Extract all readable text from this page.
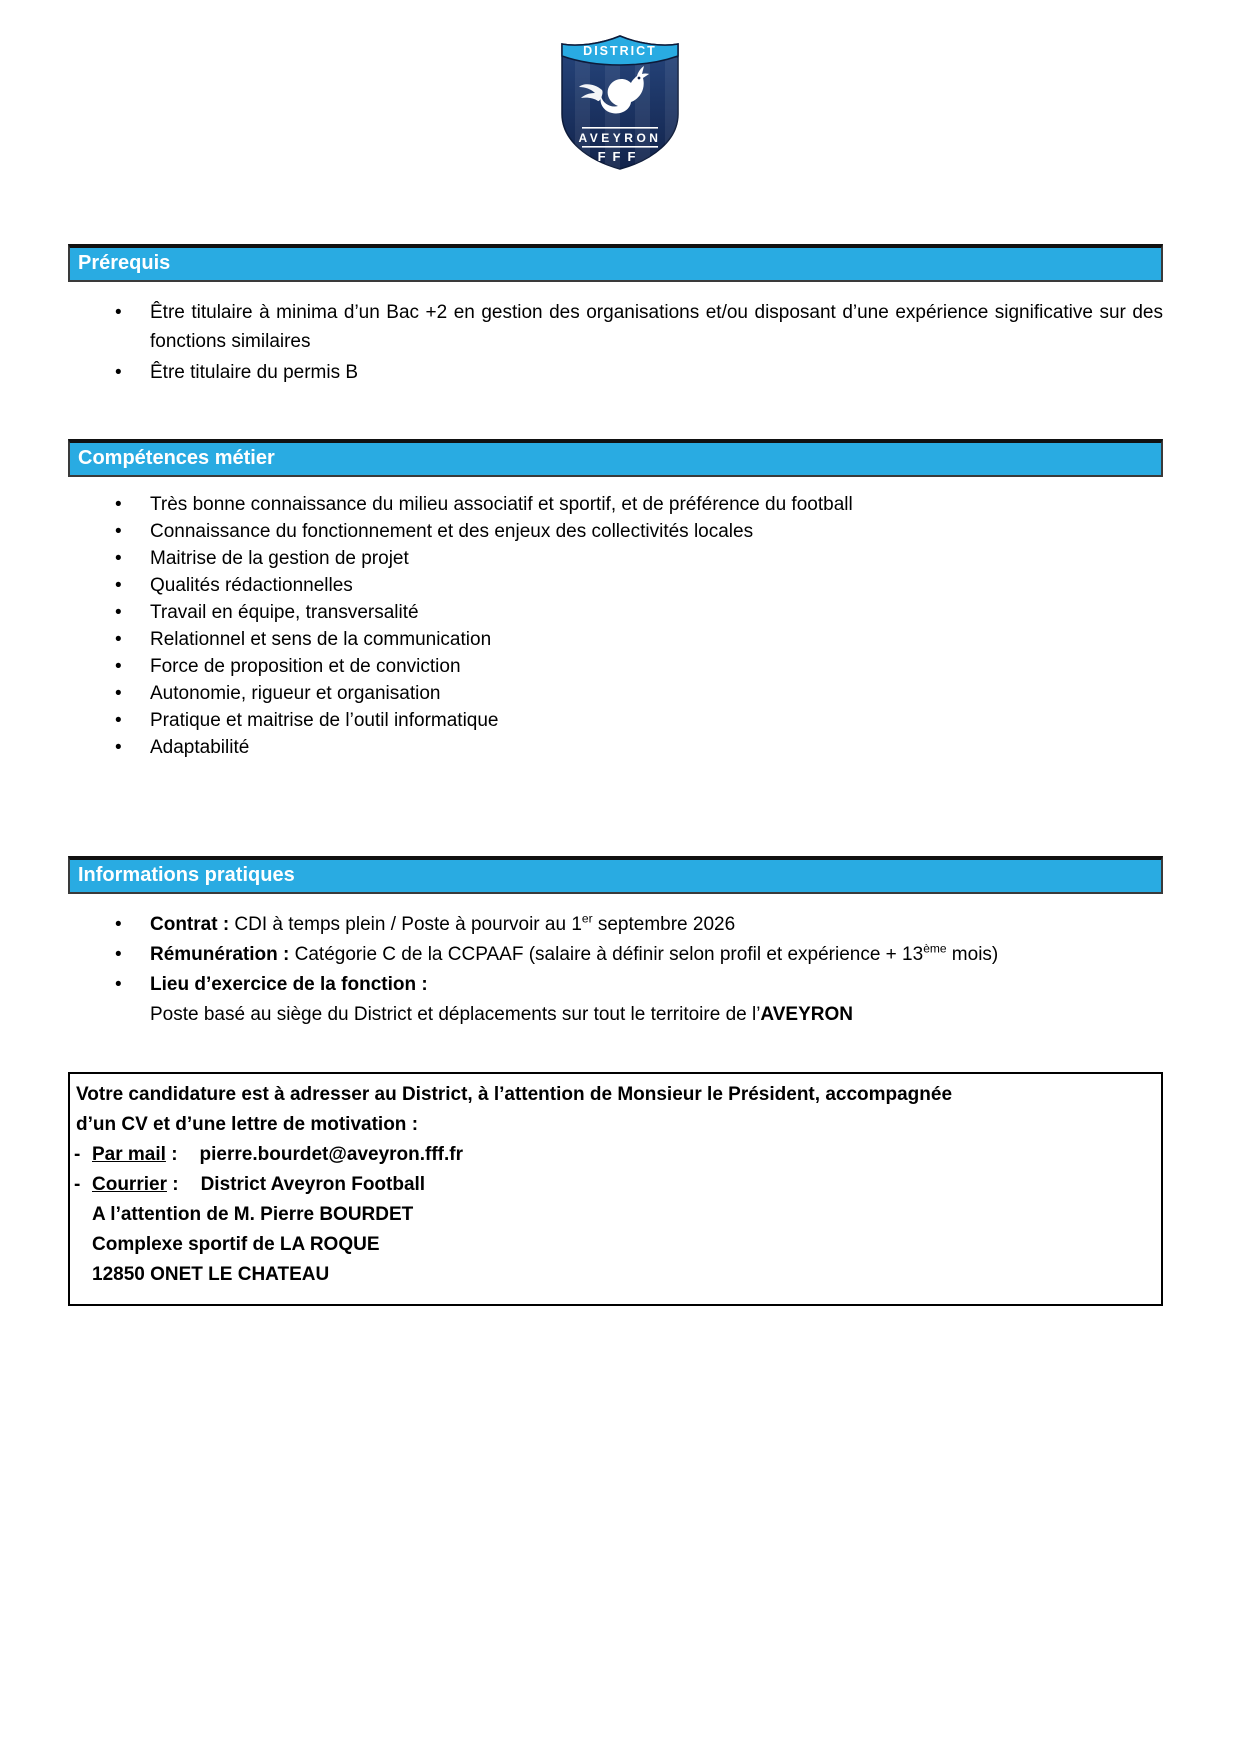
DISTRICT
AVEYRON
FFF
Prérequis
•	Être titulaire à minima d’un Bac +2 en gestion des organisations et/ou disposant d’une expérience significative sur des fonctions similaires
•	Être titulaire du permis B
Compétences métier
•	Très bonne connaissance du milieu associatif et sportif, et de préférence du football
•	Connaissance du fonctionnement et des enjeux des collectivités locales
•	Maitrise de la gestion de projet
•	Qualités rédactionnelles
•	Travail en équipe, transversalité
•	Relationnel et sens de la communication
•	Force de proposition et de conviction
•	Autonomie, rigueur et organisation
•	Pratique et maitrise de l’outil informatique
•	Adaptabilité
Informations pratiques
•	Contrat : CDI à temps plein / Poste à pourvoir au 1er septembre 2026
•	Rémunération : Catégorie C de la CCPAAF (salaire à définir selon profil et expérience + 13ème mois)
•	Lieu d’exercice de la fonction :
Poste basé au siège du District et déplacements sur tout le territoire de l’AVEYRON
Votre candidature est à adresser au District, à l’attention de Monsieur le Président, accompagnée
d’un CV et d’une lettre de motivation :
- Par mail : pierre.bourdet@aveyron.fff.fr
- Courrier : District Aveyron Football
A l’attention de M. Pierre BOURDET
Complexe sportif de LA ROQUE
12850 ONET LE CHATEAU
